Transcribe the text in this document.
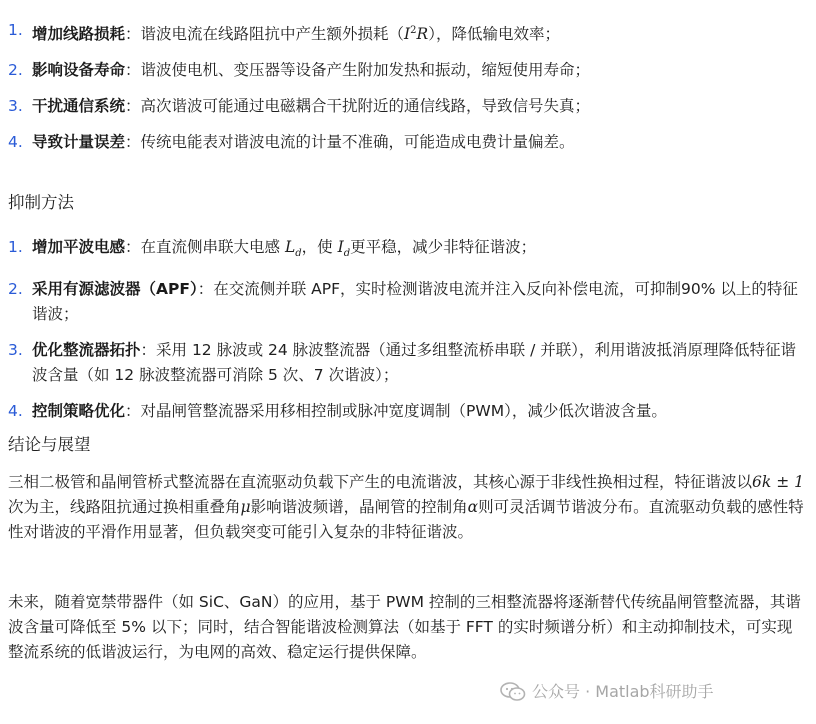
1. 增加线路损耗：谐波电流在线路阻抗中产生额外损耗$(I^2R)$，降低输电效率；
2. 影响设备寿命：谐波使电机、变压器等设备产生附加发热和振动，缩短使用寿命；
3. 干扰通信系统：高次谐波可能通过电磁耦合干扰附近的通信线路，导致信号失真；
4. 导致计量误差：传统电能表对谐波电流的计量不准确，可能造成电费计量偏差。
抑制方法
1. 增加平波电感：在直流侧串联大电感 $L_d$，使 $I_d$更平稳，减少非特征谐波；
2. 采用有源滤波器（APF）：在交流侧并联 APF，实时检测谐波电流并注入反向补偿电流，可抑制90% 以上的特征谐波；
3. 优化整流器拓扑：采用 12 脉波或 24 脉波整流器（通过多组整流桥串联 / 并联），利用谐波抵消原理降低特征谐波含量（如 12 脉波整流器可消除 5 次、7 次谐波）；
4. 控制策略优化：对晶闸管整流器采用移相控制或脉冲宽度调制（PWM），减少低次谐波含量。
结论与展望

三相二极管和晶闸管桥式整流器在直流驱动负载下产生的电流谐波，其核心源于非线性换相过程，特征谐波以6k ± 1次为主，线路阻抗通过换相重叠角μ影响谐波频谱，晶闸管的控制角α则可灵活调节谐波分布。直流驱动负载的感性特性对谐波的平滑作用显著，但负载突变可能引入复杂的非特征谐波。

未来，随着宽禁带器件（如 SiC、GaN）的应用，基于 PWM 控制的三相整流器将逐渐替代传统晶闸管整流器，其谐波含量可降低至 5% 以下；同时，结合智能谐波检测算法（如基于 FFT 的实时频谱分析）和主动抑制技术，可实现整流系统的低谐波运行，为电网的高效、稳定运行提供保障。

公众号 · Matlab科研助手
